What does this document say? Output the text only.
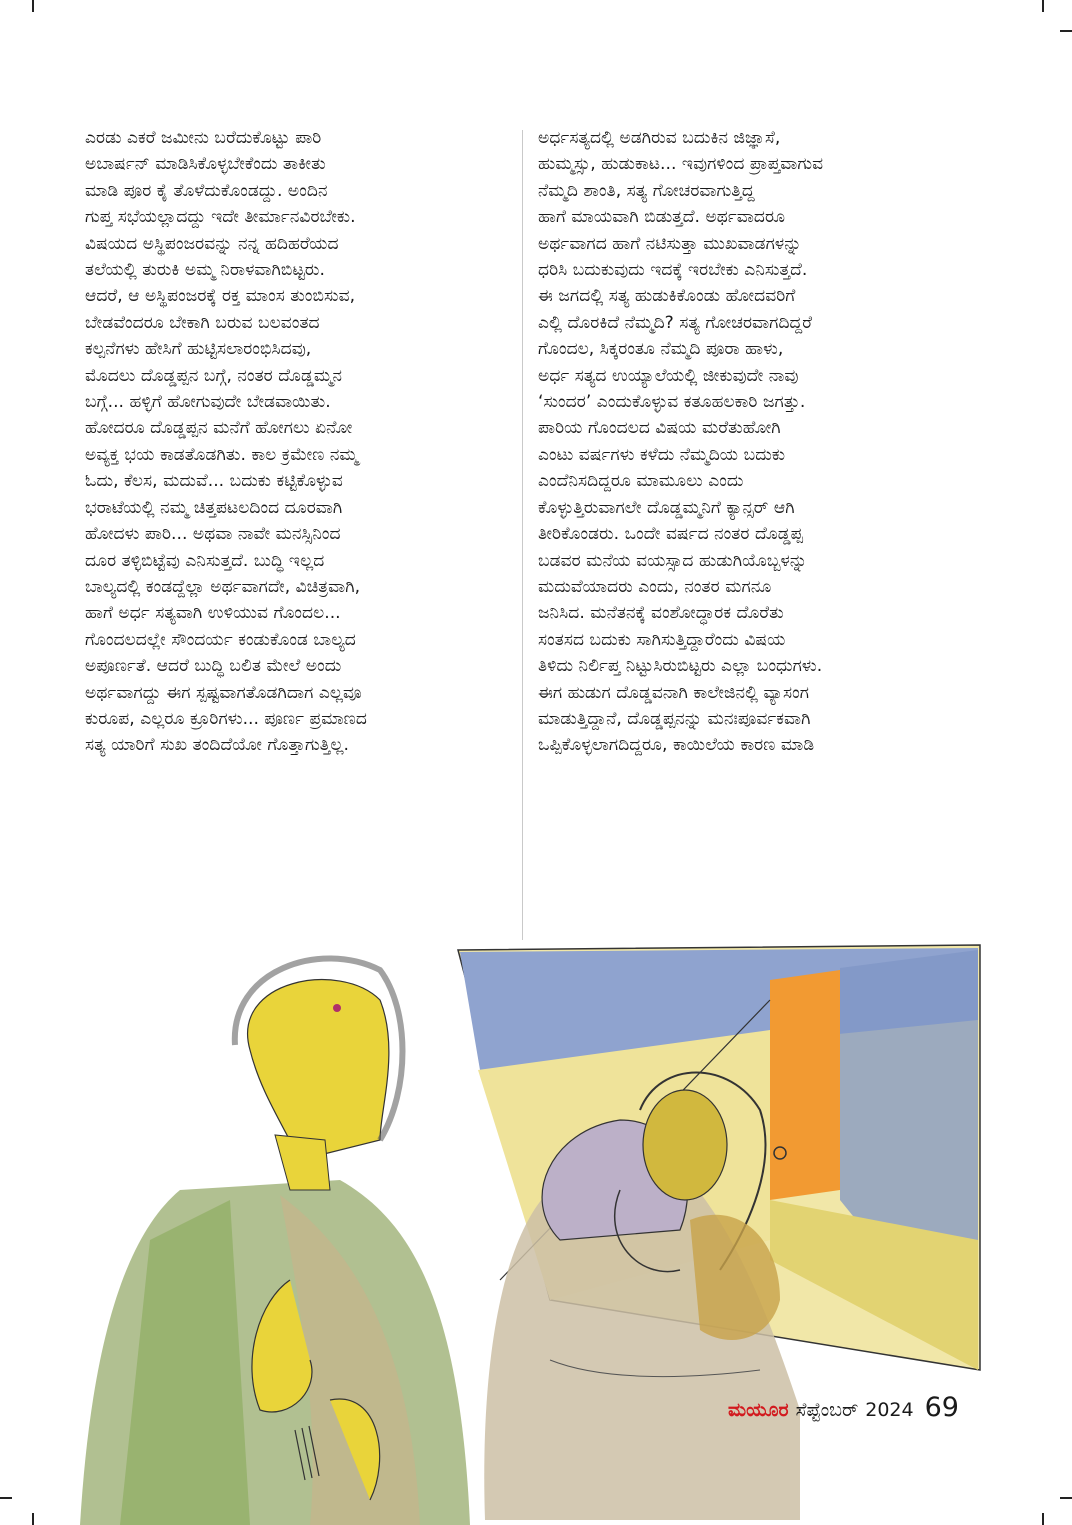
ಎರಡು ಎಕರೆ ಜಮೀನು ಬರೆದುಕೊಟ್ಟು ಪಾರಿ
ಅಬಾರ್ಷನ್ ಮಾಡಿಸಿಕೊಳ್ಳಬೇಕೆಂದು ತಾಕೀತು
ಮಾಡಿ ಪೂರ ಕೈ ತೊಳೆದುಕೊಂಡದ್ದು. ಅಂದಿನ
ಗುಪ್ತ ಸಭೆಯಲ್ಲಾದದ್ದು ಇದೇ ತೀರ್ಮಾನವಿರಬೇಕು.
ವಿಷಯದ ಅಸ್ಥಿಪಂಜರವನ್ನು ನನ್ನ ಹದಿಹರೆಯದ
ತಲೆಯಲ್ಲಿ ತುರುಕಿ ಅಮ್ಮ ನಿರಾಳವಾಗಿಬಿಟ್ಟರು.
ಆದರೆ, ಆ ಅಸ್ಥಿಪಂಜರಕ್ಕೆ ರಕ್ತ ಮಾಂಸ ತುಂಬಿಸುವ,
ಬೇಡವೆಂದರೂ ಬೇಕಾಗಿ ಬರುವ ಬಲವಂತದ
ಕಲ್ಪನೆಗಳು ಹೇಸಿಗೆ ಹುಟ್ಟಿಸಲಾರಂಭಿಸಿದವು,
ಮೊದಲು ದೊಡ್ಡಪ್ಪನ ಬಗ್ಗೆ, ನಂತರ ದೊಡ್ಡಮ್ಮನ
ಬಗ್ಗೆ... ಹಳ್ಳಿಗೆ ಹೋಗುವುದೇ ಬೇಡವಾಯಿತು.
ಹೋದರೂ ದೊಡ್ಡಪ್ಪನ ಮನೆಗೆ ಹೋಗಲು ಏನೋ
ಅವ್ಯಕ್ತ ಭಯ ಕಾಡತೊಡಗಿತು. ಕಾಲ ಕ್ರಮೇಣ ನಮ್ಮ
ಓದು, ಕೆಲಸ, ಮದುವೆ... ಬದುಕು ಕಟ್ಟಿಕೊಳ್ಳುವ
ಭರಾಟೆಯಲ್ಲಿ ನಮ್ಮ ಚಿತ್ತಪಟಲದಿಂದ ದೂರವಾಗಿ
ಹೋದಳು ಪಾರಿ... ಅಥವಾ ನಾವೇ ಮನಸ್ಸಿನಿಂದ
ದೂರ ತಳ್ಳಿಬಿಟ್ಟೆವು ಎನಿಸುತ್ತದೆ. ಬುದ್ಧಿ ಇಲ್ಲದ
ಬಾಲ್ಯದಲ್ಲಿ ಕಂಡದ್ದೆಲ್ಲಾ ಅರ್ಥವಾಗದೇ, ವಿಚಿತ್ರವಾಗಿ,
ಹಾಗೆ ಅರ್ಧ ಸತ್ಯವಾಗಿ ಉಳಿಯುವ ಗೊಂದಲ...
ಗೊಂದಲದಲ್ಲೇ ಸೌಂದರ್ಯ ಕಂಡುಕೊಂಡ ಬಾಲ್ಯದ
ಅಪೂರ್ಣತೆ. ಆದರೆ ಬುದ್ಧಿ ಬಲಿತ ಮೇಲೆ ಅಂದು
ಅರ್ಥವಾಗದ್ದು ಈಗ ಸ್ಪಷ್ಟವಾಗತೊಡಗಿದಾಗ ಎಲ್ಲವೂ
ಕುರೂಪ, ಎಲ್ಲರೂ ಕ್ರೂರಿಗಳು... ಪೂರ್ಣ ಪ್ರಮಾಣದ
ಸತ್ಯ ಯಾರಿಗೆ ಸುಖ ತಂದಿದೆಯೋ ಗೊತ್ತಾಗುತ್ತಿಲ್ಲ.
ಅರ್ಧಸತ್ಯದಲ್ಲಿ ಅಡಗಿರುವ ಬದುಕಿನ ಜಿಜ್ಞಾಸೆ,
ಹುಮ್ಮಸ್ಸು, ಹುಡುಕಾಟ... ಇವುಗಳಿಂದ ಪ್ರಾಪ್ತವಾಗುವ
ನೆಮ್ಮದಿ ಶಾಂತಿ, ಸತ್ಯ ಗೋಚರವಾಗುತ್ತಿದ್ದ
ಹಾಗೆ ಮಾಯವಾಗಿ ಬಿಡುತ್ತದೆ. ಅರ್ಥವಾದರೂ
ಅರ್ಥವಾಗದ ಹಾಗೆ ನಟಿಸುತ್ತಾ ಮುಖವಾಡಗಳನ್ನು
ಧರಿಸಿ ಬದುಕುವುದು ಇದಕ್ಕೆ ಇರಬೇಕು ಎನಿಸುತ್ತದೆ.
ಈ ಜಗದಲ್ಲಿ ಸತ್ಯ ಹುಡುಕಿಕೊಂಡು ಹೋದವರಿಗೆ
ಎಲ್ಲಿ ದೊರಕಿದೆ ನೆಮ್ಮದಿ? ಸತ್ಯ ಗೋಚರವಾಗದಿದ್ದರೆ
ಗೊಂದಲ, ಸಿಕ್ಕರಂತೂ ನೆಮ್ಮದಿ ಪೂರಾ ಹಾಳು,
ಅರ್ಧ ಸತ್ಯದ ಉಯ್ಯಾಲೆಯಲ್ಲಿ ಜೀಕುವುದೇ ನಾವು
‘ಸುಂದರ’ ಎಂದುಕೊಳ್ಳುವ ಕತೂಹಲಕಾರಿ ಜಗತ್ತು.
ಪಾರಿಯ ಗೊಂದಲದ ವಿಷಯ ಮರೆತುಹೋಗಿ
ಎಂಟು ವರ್ಷಗಳು ಕಳೆದು ನೆಮ್ಮದಿಯ ಬದುಕು
ಎಂದೆನಿಸದಿದ್ದರೂ ಮಾಮೂಲು ಎಂದು
ಕೊಳ್ಳುತ್ತಿರುವಾಗಲೇ ದೊಡ್ಡಮ್ಮನಿಗೆ ಕ್ಯಾನ್ಸರ್ ಆಗಿ
ತೀರಿಕೊಂಡರು. ಒಂದೇ ವರ್ಷದ ನಂತರ ದೊಡ್ಡಪ್ಪ
ಬಡವರ ಮನೆಯ ವಯಸ್ಸಾದ ಹುಡುಗಿಯೊಬ್ಬಳನ್ನು
ಮದುವೆಯಾದರು ಎಂದು, ನಂತರ ಮಗನೂ
ಜನಿಸಿದ. ಮನೆತನಕ್ಕೆ ವಂಶೋದ್ಧಾರಕ ದೊರೆತು
ಸಂತಸದ ಬದುಕು ಸಾಗಿಸುತ್ತಿದ್ದಾರೆಂದು ವಿಷಯ
ತಿಳಿದು ನಿರ್ಲಿಪ್ತ ನಿಟ್ಟುಸಿರುಬಿಟ್ಟರು ಎಲ್ಲಾ ಬಂಧುಗಳು.
ಈಗ ಹುಡುಗ ದೊಡ್ಡವನಾಗಿ ಕಾಲೇಜಿನಲ್ಲಿ ವ್ಯಾಸಂಗ
ಮಾಡುತ್ತಿದ್ದಾನೆ, ದೊಡ್ಡಪ್ಪನನ್ನು ಮನಃಪೂರ್ವಕವಾಗಿ
ಒಪ್ಪಿಕೊಳ್ಳಲಾಗದಿದ್ದರೂ, ಕಾಯಿಲೆಯ ಕಾರಣ ಮಾಡಿ
ಮಯೂರ ಸೆಪ್ಟೆಂಬರ್ 2024 69
